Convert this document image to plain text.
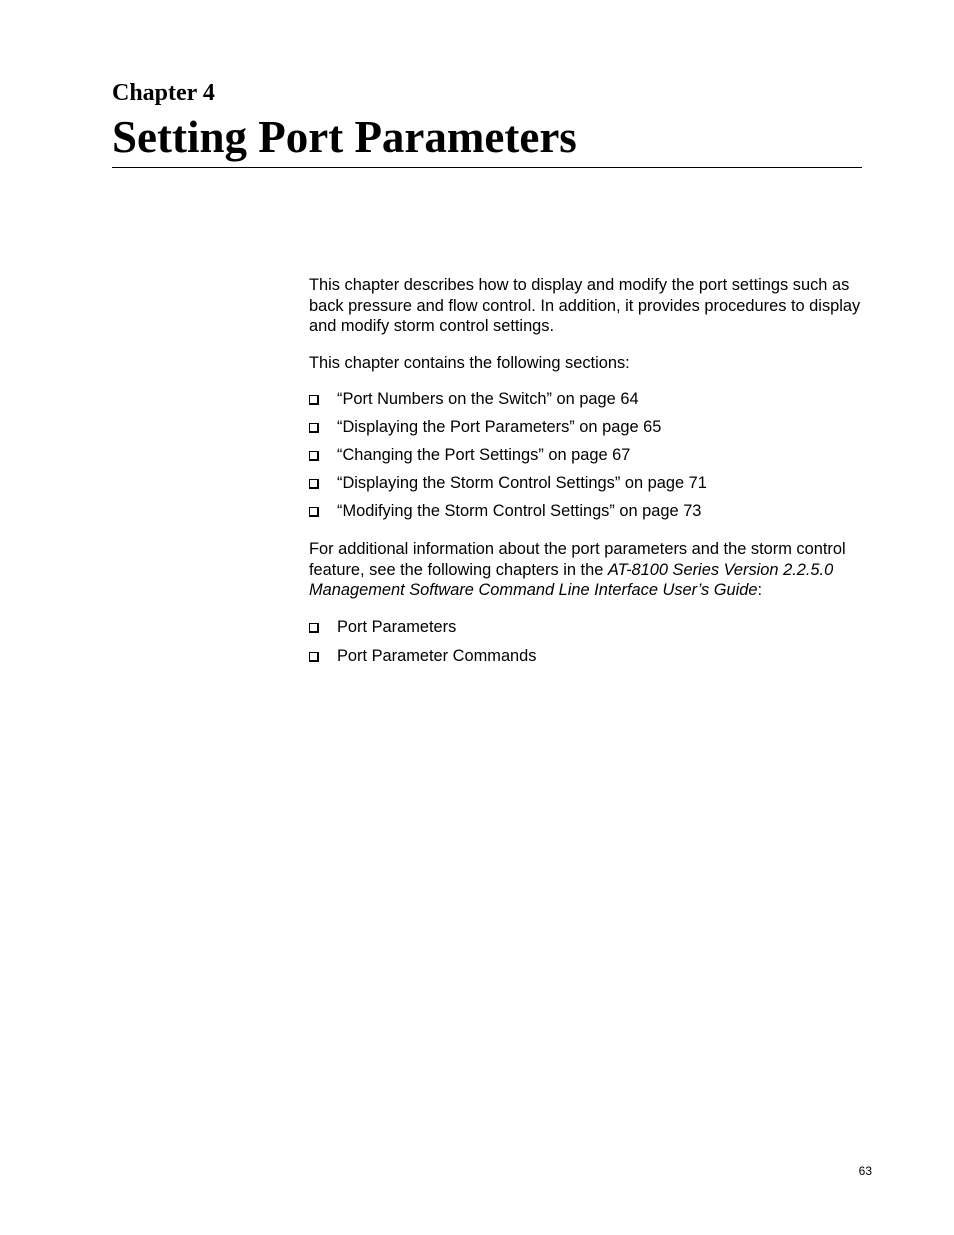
Chapter 4
Setting Port Parameters

This chapter describes how to display and modify the port settings such as back pressure and flow control. In addition, it provides procedures to display and modify storm control settings.

This chapter contains the following sections:

“Port Numbers on the Switch” on page 64
“Displaying the Port Parameters” on page 65
“Changing the Port Settings” on page 67
“Displaying the Storm Control Settings” on page 71
“Modifying the Storm Control Settings” on page 73

For additional information about the port parameters and the storm control feature, see the following chapters in the AT-8100 Series Version 2.2.5.0 Management Software Command Line Interface User’s Guide:

Port Parameters
Port Parameter Commands
63
